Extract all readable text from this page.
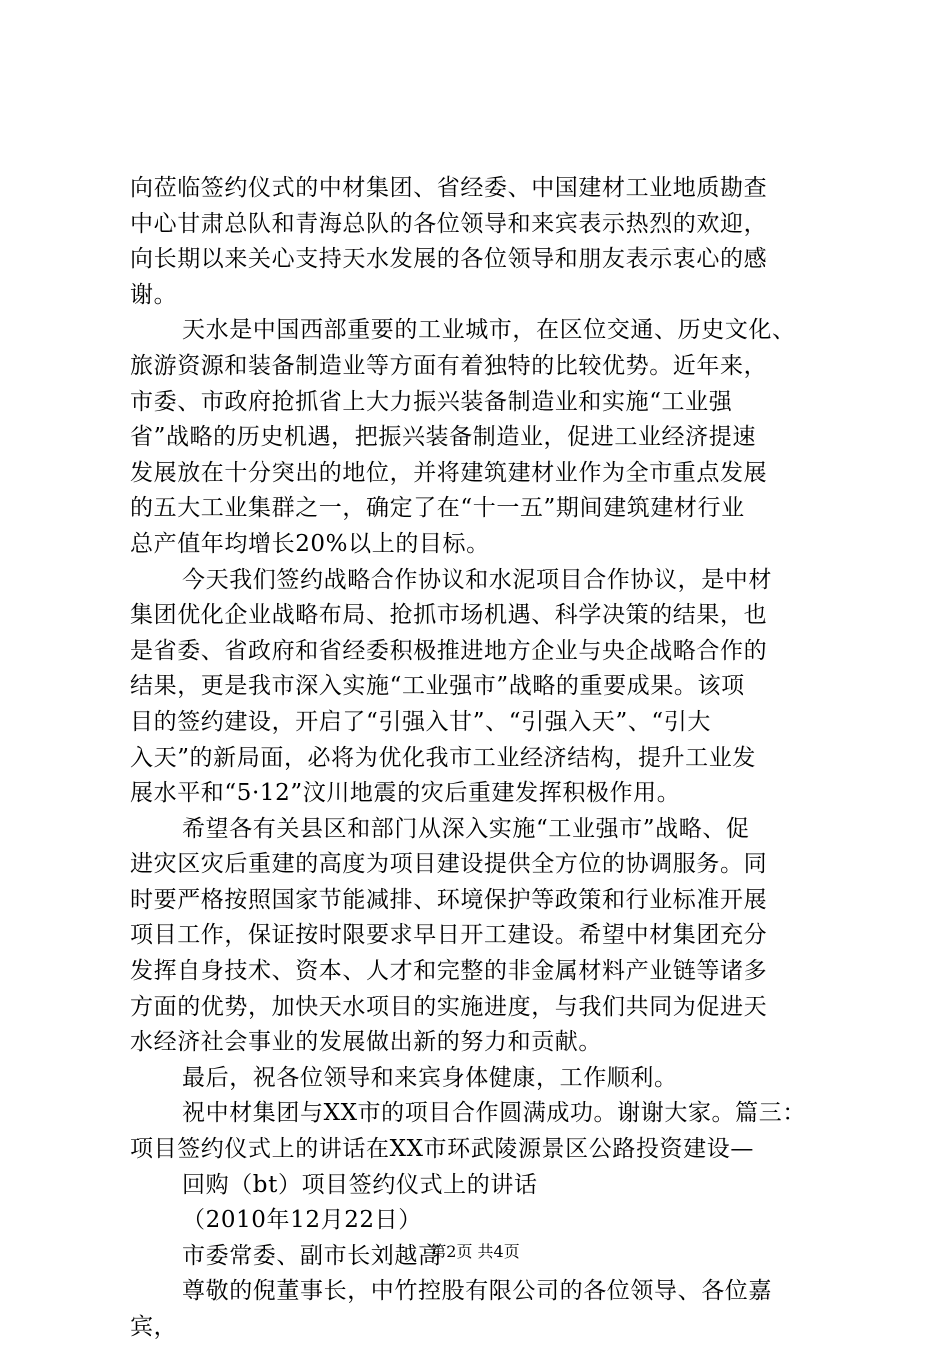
向莅临签约仪式的中材集团、省经委、中国建材工业地质勘查
中心甘肃总队和青海总队的各位领导和来宾表示热烈的欢迎，
向长期以来关心支持天水发展的各位领导和朋友表示衷心的感
谢。
天水是中国西部重要的工业城市，在区位交通、历史文化、
旅游资源和装备制造业等方面有着独特的比较优势。近年来，
市委、市政府抢抓省上大力振兴装备制造业和实施“工业强
省”战略的历史机遇，把振兴装备制造业，促进工业经济提速
发展放在十分突出的地位，并将建筑建材业作为全市重点发展
的五大工业集群之一，确定了在“十一五”期间建筑建材行业
总产值年均增长20%以上的目标。
今天我们签约战略合作协议和水泥项目合作协议，是中材
集团优化企业战略布局、抢抓市场机遇、科学决策的结果，也
是省委、省政府和省经委积极推进地方企业与央企战略合作的
结果，更是我市深入实施“工业强市”战略的重要成果。该项
目的签约建设，开启了“引强入甘”、“引强入天”、“引大
入天”的新局面，必将为优化我市工业经济结构，提升工业发
展水平和“5·12”汶川地震的灾后重建发挥积极作用。
希望各有关县区和部门从深入实施“工业强市”战略、促
进灾区灾后重建的高度为项目建设提供全方位的协调服务。同
时要严格按照国家节能减排、环境保护等政策和行业标准开展
项目工作，保证按时限要求早日开工建设。希望中材集团充分
发挥自身技术、资本、人才和完整的非金属材料产业链等诸多
方面的优势，加快天水项目的实施进度，与我们共同为促进天
水经济社会事业的发展做出新的努力和贡献。
最后，祝各位领导和来宾身体健康，工作顺利。
祝中材集团与XX市的项目合作圆满成功。谢谢大家。篇三：
项目签约仪式上的讲话在XX市环武陵源景区公路投资建设—
回购（bt）项目签约仪式上的讲话
（2010年12月22日）
市委常委、副市长刘越高
尊敬的倪董事长，中竹控股有限公司的各位领导、各位嘉
宾，
第2页 共4页
